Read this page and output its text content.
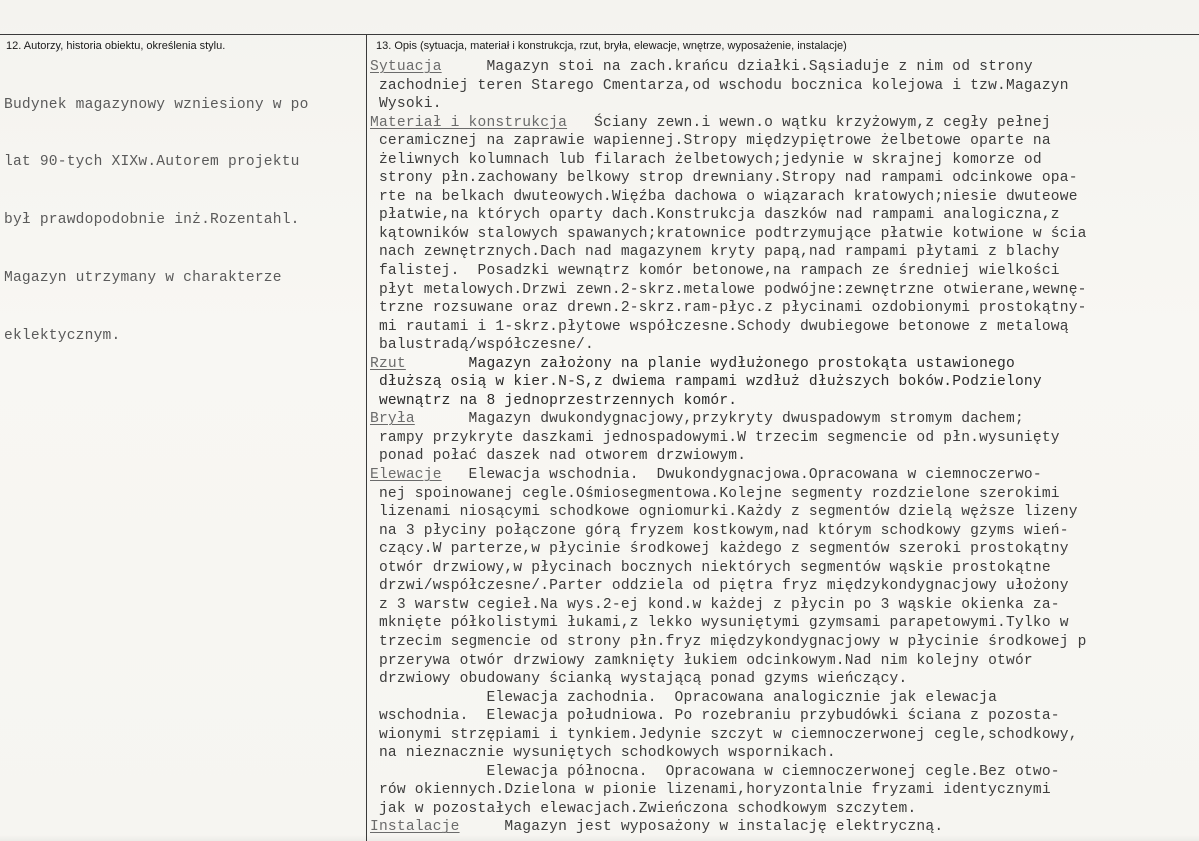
12. Autorzy, historia obiektu, określenia stylu.	13. Opis (sytuacja, materiał i konstrukcja, rzut, bryła, elewacje, wnętrze, wyposażenie, instalacje)

Budynek magazynowy wzniesiony w po

lat 90-tych XIXw.Autorem projektu

był prawdopodobnie inż.Rozentahl.

Magazyn utrzymany w charakterze

eklektycznym.

Sytuacja     Magazyn stoi na zach.krańcu działki.Sąsiaduje z nim od strony
zachodniej teren Starego Cmentarza,od wschodu bocznica kolejowa i tzw.Magazyn
Wysoki.
Materiał i konstrukcja   Ściany zewn.i wewn.o wątku krzyżowym,z cegły pełnej
ceramicznej na zaprawie wapiennej.Stropy międzypiętrowe żelbetowe oparte na
żeliwnych kolumnach lub filarach żelbetowych;jedynie w skrajnej komorze od
strony płn.zachowany belkowy strop drewniany.Stropy nad rampami odcinkowe opa-
rte na belkach dwuteowych.Więźba dachowa o wiązarach kratowych;niesie dwuteowe
płatwie,na których oparty dach.Konstrukcja daszków nad rampami analogiczna,z
kątowników stalowych spawanych;kratownice podtrzymujące płatwie kotwione w ścia
nach zewnętrznych.Dach nad magazynem kryty papą,nad rampami płytami z blachy
falistej.  Posadzki wewnątrz komór betonowe,na rampach ze średniej wielkości
płyt metalowych.Drzwi zewn.2-skrz.metalowe podwójne:zewnętrzne otwierane,wewnę-
trzne rozsuwane oraz drewn.2-skrz.ram-płyc.z płycinami ozdobionymi prostokątny-
mi rautami i 1-skrz.płytowe współczesne.Schody dwubiegowe betonowe z metalową
balustradą/współczesne/.
Rzut       Magazyn założony na planie wydłużonego prostokąta ustawionego
dłuższą osią w kier.N-S,z dwiema rampami wzdłuż dłuższych boków.Podzielony
wewnątrz na 8 jednoprzestrzennych komór.
Bryła      Magazyn dwukondygnacjowy,przykryty dwuspadowym stromym dachem;
rampy przykryte daszkami jednospadowymi.W trzecim segmencie od płn.wysunięty
ponad połać daszek nad otworem drzwiowym.
Elewacje   Elewacja wschodnia.  Dwukondygnacjowa.Opracowana w ciemnoczerwo-
nej spoinowanej cegle.Ośmiosegmentowa.Kolejne segmenty rozdzielone szerokimi
lizenami niosącymi schodkowe ogniomurki.Każdy z segmentów dzielą węższe lizeny
na 3 płyciny połączone górą fryzem kostkowym,nad którym schodkowy gzyms wień-
czący.W parterze,w płycinie środkowej każdego z segmentów szeroki prostokątny
otwór drzwiowy,w płycinach bocznych niektórych segmentów wąskie prostokątne
drzwi/współczesne/.Parter oddziela od piętra fryz międzykondygnacjowy ułożony
z 3 warstw cegieł.Na wys.2-ej kond.w każdej z płycin po 3 wąskie okienka za-
mknięte półkolistymi łukami,z lekko wysuniętymi gzymsami parapetowymi.Tylko w
trzecim segmencie od strony płn.fryz międzykondygnacjowy w płycinie środkowej p
przerywa otwór drzwiowy zamknięty łukiem odcinkowym.Nad nim kolejny otwór
drzwiowy obudowany ścianką wystającą ponad gzyms wieńczący.
Elewacja zachodnia.  Opracowana analogicznie jak elewacja
wschodnia.  Elewacja południowa. Po rozebraniu przybudówki ściana z pozosta-
wionymi strzępiami i tynkiem.Jedynie szczyt w ciemnoczerwonej cegle,schodkowy,
na nieznacznie wysuniętych schodkowych wspornikach.
Elewacja północna.  Opracowana w ciemnoczerwonej cegle.Bez otwo-
rów okiennych.Dzielona w pionie lizenami,horyzontalnie fryzami identycznymi
jak w pozostałych elewacjach.Zwieńczona schodkowym szczytem.
Instalacje     Magazyn jest wyposażony w instalację elektryczną.
